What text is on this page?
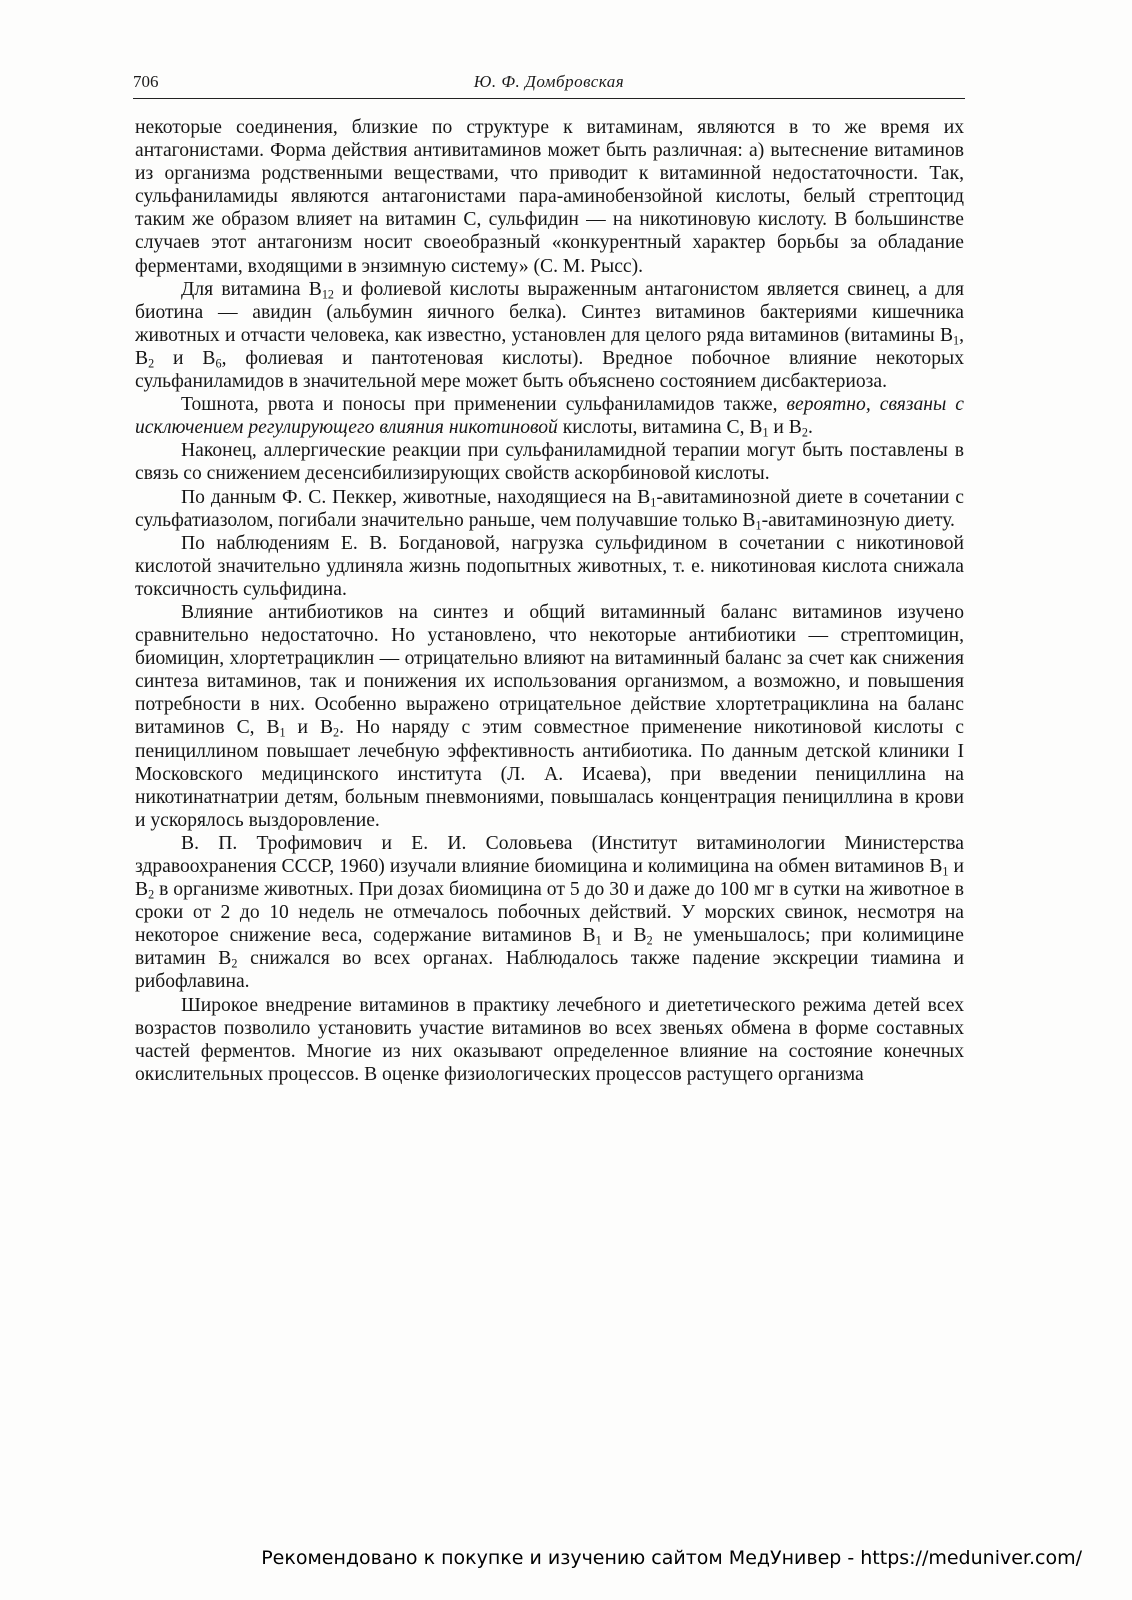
706	Ю. Ф. Домбровская

некоторые соединения, близкие по структуре к витаминам, являются в то же время их антагонистами. Форма действия антивитаминов может быть различная: а) вытеснение витаминов из организма родственными веществами, что приводит к витаминной недостаточности. Так, сульфаниламиды являются антагонистами пара-аминобензойной кислоты, белый стрептоцид таким же образом влияет на витамин С, сульфидин — на никотиновую кислоту. В большинстве случаев этот антагонизм носит своеобразный «конкурентный характер борьбы за обладание ферментами, входящими в энзимную систему» (С. М. Рысс).

Для витамина $В_{12}$ и фолиевой кислоты выраженным антагонистом является свинец, а для биотина — авидин (альбумин яичного белка). Синтез витаминов бактериями кишечника животных и отчасти человека, как известно, установлен для целого ряда витаминов (витамины $В_1$, $В_2$ и $В_6$, фолиевая и пантотеновая кислоты). Вредное побочное влияние некоторых сульфаниламидов в значительной мере может быть объяснено состоянием дисбактериоза.

Тошнота, рвота и поносы при применении сульфаниламидов также, вероятно, связаны с исключением регулирующего влияния никотиновой кислоты, витамина С, $В_1$ и $В_2$.

Наконец, аллергические реакции при сульфаниламидной терапии могут быть поставлены в связь со снижением десенсибилизирующих свойств аскорбиновой кислоты.

По данным Ф. С. Пеккер, животные, находящиеся на $В_1$-авитаминозной диете в сочетании с сульфатиазолом, погибали значительно раньше, чем получавшие только $В_1$-авитаминозную диету.

По наблюдениям Е. В. Богдановой, нагрузка сульфидином в сочетании с никотиновой кислотой значительно удлиняла жизнь подопытных животных, т. е. никотиновая кислота снижала токсичность сульфидина.

Влияние антибиотиков на синтез и общий витаминный баланс витаминов изучено сравнительно недостаточно. Но установлено, что некоторые антибиотики — стрептомицин, биомицин, хлортетрациклин — отрицательно влияют на витаминный баланс за счет как снижения синтеза витаминов, так и понижения их использования организмом, а возможно, и повышения потребности в них. Особенно выражено отрицательное действие хлортетрациклина на баланс витаминов С, $В_1$ и $В_2$. Но наряду с этим совместное применение никотиновой кислоты с пенициллином повышает лечебную эффективность антибиотика. По данным детской клиники I Московского медицинского института (Л. А. Исаева), при введении пенициллина на никотинатнатрии детям, больным пневмониями, повышалась концентрация пенициллина в крови и ускорялось выздоровление.

В. П. Трофимович и Е. И. Соловьева (Институт витаминологии Министерства здравоохранения СССР, 1960) изучали влияние биомицина и колимицина на обмен витаминов $В_1$ и $В_2$ в организме животных. При дозах биомицина от 5 до 30 и даже до 100 мг в сутки на животное в сроки от 2 до 10 недель не отмечалось побочных действий. У морских свинок, несмотря на некоторое снижение веса, содержание витаминов $В_1$ и $В_2$ не уменьшалось; при колимицине витамин $В_2$ снижался во всех органах. Наблюдалось также падение экскреции тиамина и рибофлавина.

Широкое внедрение витаминов в практику лечебного и диететического режима детей всех возрастов позволило установить участие витаминов во всех звеньях обмена в форме составных частей ферментов. Многие из них оказывают определенное влияние на состояние конечных окислительных процессов. В оценке физиологических процессов растущего организма

Рекомендовано к покупке и изучению сайтом МедУнивер - https://meduniver.com/
